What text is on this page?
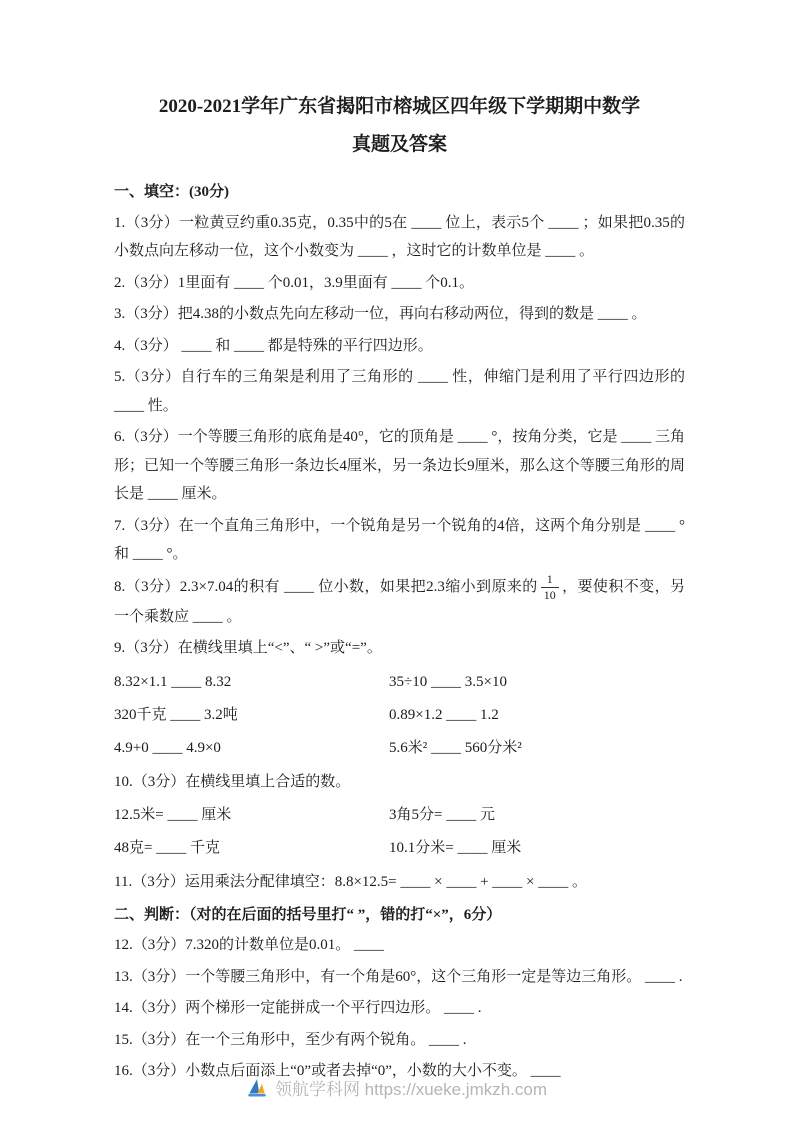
2020-2021学年广东省揭阳市榕城区四年级下学期期中数学
真题及答案

一、填空：(30分)

1.（3分）一粒黄豆约重0.35克，0.35中的5在 ____ 位上，表示5个 ____ ；如果把0.35的小数点向左移动一位，这个小数变为 ____ ，这时它的计数单位是 ____ 。

2.（3分）1里面有 ____ 个0.01，3.9里面有 ____ 个0.1。

3.（3分）把4.38的小数点先向左移动一位，再向右移动两位，得到的数是 ____ 。

4.（3分） ____ 和 ____ 都是特殊的平行四边形。

5.（3分）自行车的三角架是利用了三角形的 ____ 性，伸缩门是利用了平行四边形的 ____ 性。

6.（3分）一个等腰三角形的底角是40°，它的顶角是 ____ °，按角分类，它是 ____ 三角形；已知一个等腰三角形一条边长4厘米，另一条边长9厘米，那么这个等腰三角形的周长是 ____ 厘米。

7.（3分）在一个直角三角形中，一个锐角是另一个锐角的4倍，这两个角分别是 ____ °和 ____ °。

8.（3分）2.3×7.04的积有 ____ 位小数，如果把2.3缩小到原来的 $\frac{1}{10}$ ，要使积不变，另一个乘数应 ____ 。

9.（3分）在横线里填上“<”、“ >”或“=”。

8.32×1.1 ____ 8.32	35÷10 ____ 3.5×10
320千克 ____ 3.2吨	0.89×1.2 ____ 1.2
4.9+0 ____ 4.9×0	5.6米² ____ 560分米²

10.（3分）在横线里填上合适的数。

12.5米= ____ 厘米	3角5分= ____ 元
48克= ____ 千克	10.1分米= ____ 厘米

11.（3分）运用乘法分配律填空：8.8×12.5= ____ × ____ + ____ × ____ 。

二、判断：（对的在后面的括号里打“ ”，错的打“×”，6分）

12.（3分）7.320的计数单位是0.01。 ____

13.（3分）一个等腰三角形中，有一个角是60°，这个三角形一定是等边三角形。 ____ .

14.（3分）两个梯形一定能拼成一个平行四边形。 ____ .

15.（3分）在一个三角形中，至少有两个锐角。 ____ .

16.（3分）小数点后面添上“0”或者去掉“0”，小数的大小不变。 ____

领航学科网 https://xueke.jmkzh.com
